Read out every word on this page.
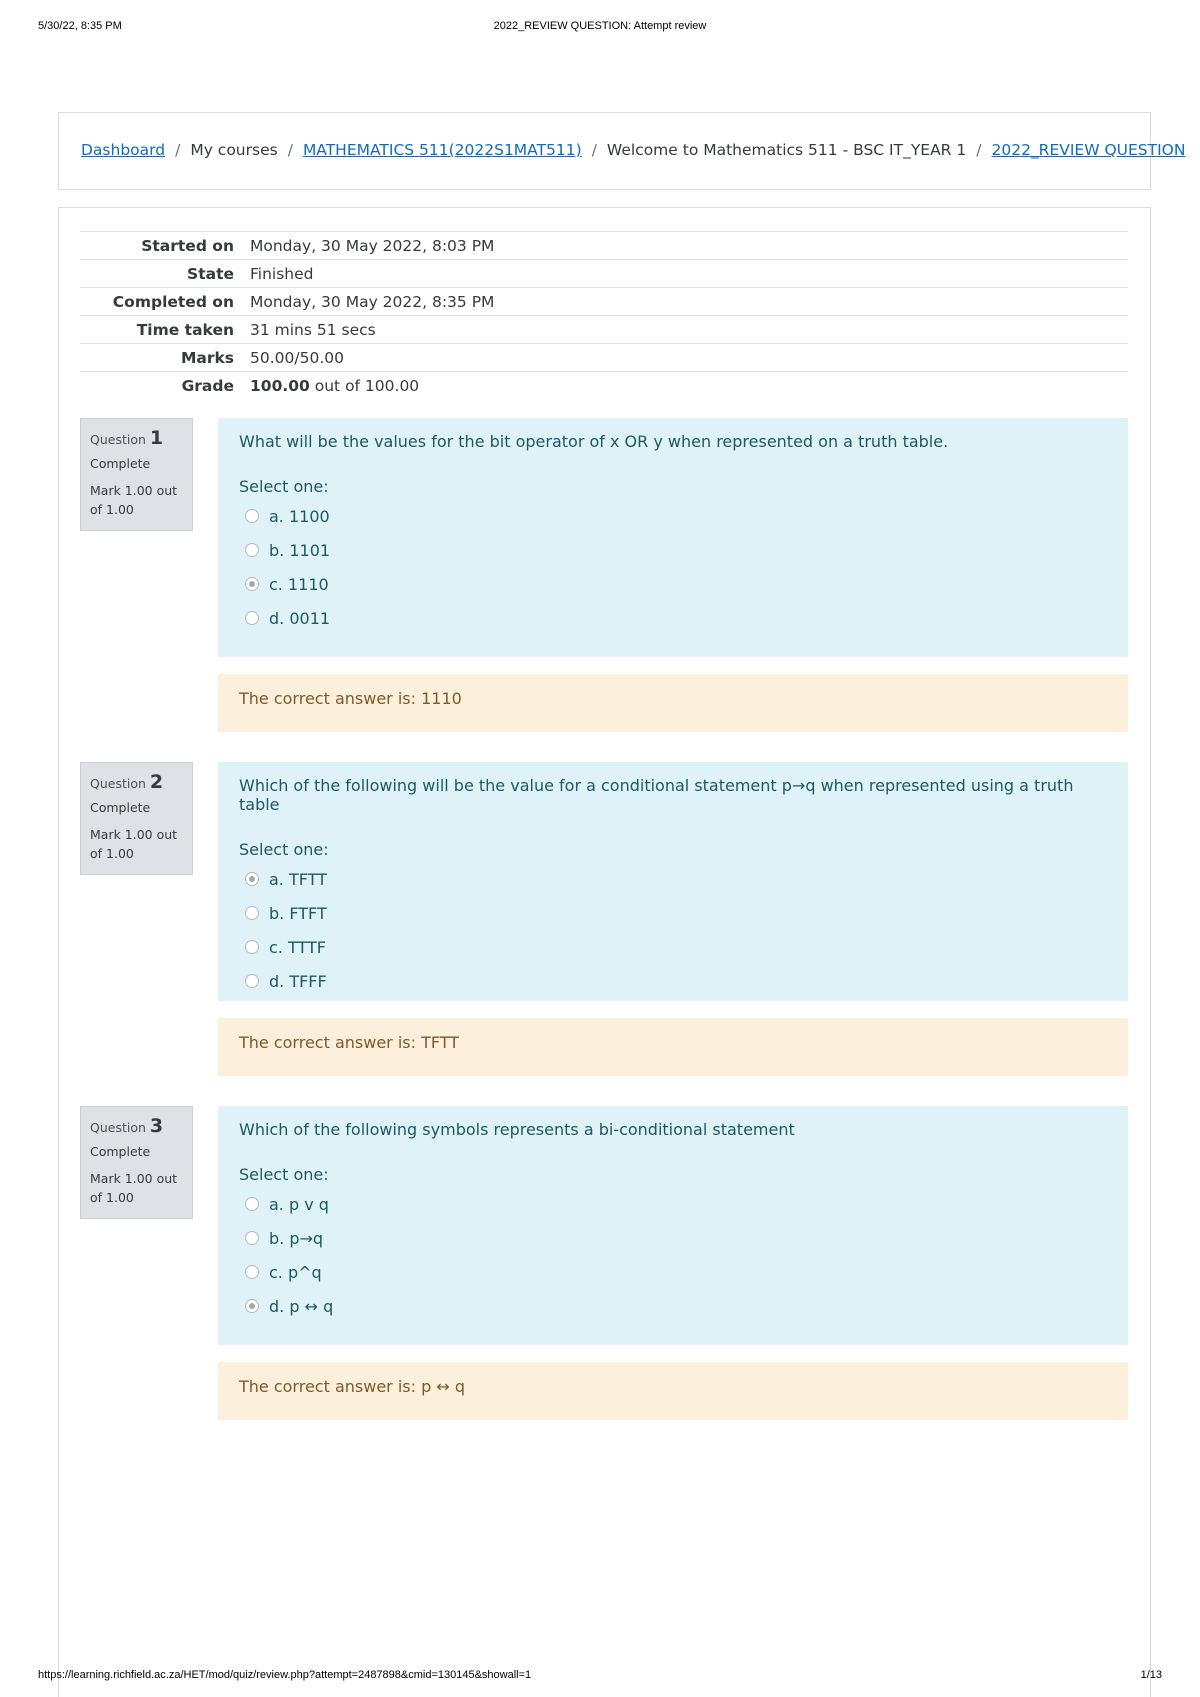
5/30/22, 8:35 PM	2022_REVIEW QUESTION: Attempt review
Dashboard / My courses / MATHEMATICS 511(2022S1MAT511) / Welcome to Mathematics 511 - BSC IT_YEAR 1 / 2022_REVIEW QUESTION
Started on	Monday, 30 May 2022, 8:03 PM
State	Finished
Completed on	Monday, 30 May 2022, 8:35 PM
Time taken	31 mins 51 secs
Marks	50.00/50.00
Grade	100.00 out of 100.00
Question 1
Complete
Mark 1.00 out of 1.00
What will be the values for the bit operator of x OR y when represented on a truth table.
Select one:
a. 1100
b. 1101
c. 1110
d. 0011
The correct answer is: 1110
Question 2
Complete
Mark 1.00 out of 1.00
Which of the following will be the value for a conditional statement p→q when represented using a truth table
Select one:
a. TFTT
b. FTFT
c. TTTF
d. TFFF
The correct answer is: TFTT
Question 3
Complete
Mark 1.00 out of 1.00
Which of the following symbols represents a bi-conditional statement
Select one:
a. p v q
b. p→q
c. p^q
d. p ↔ q
The correct answer is: p ↔ q
https://learning.richfield.ac.za/HET/mod/quiz/review.php?attempt=2487898&cmid=130145&showall=1	1/13
